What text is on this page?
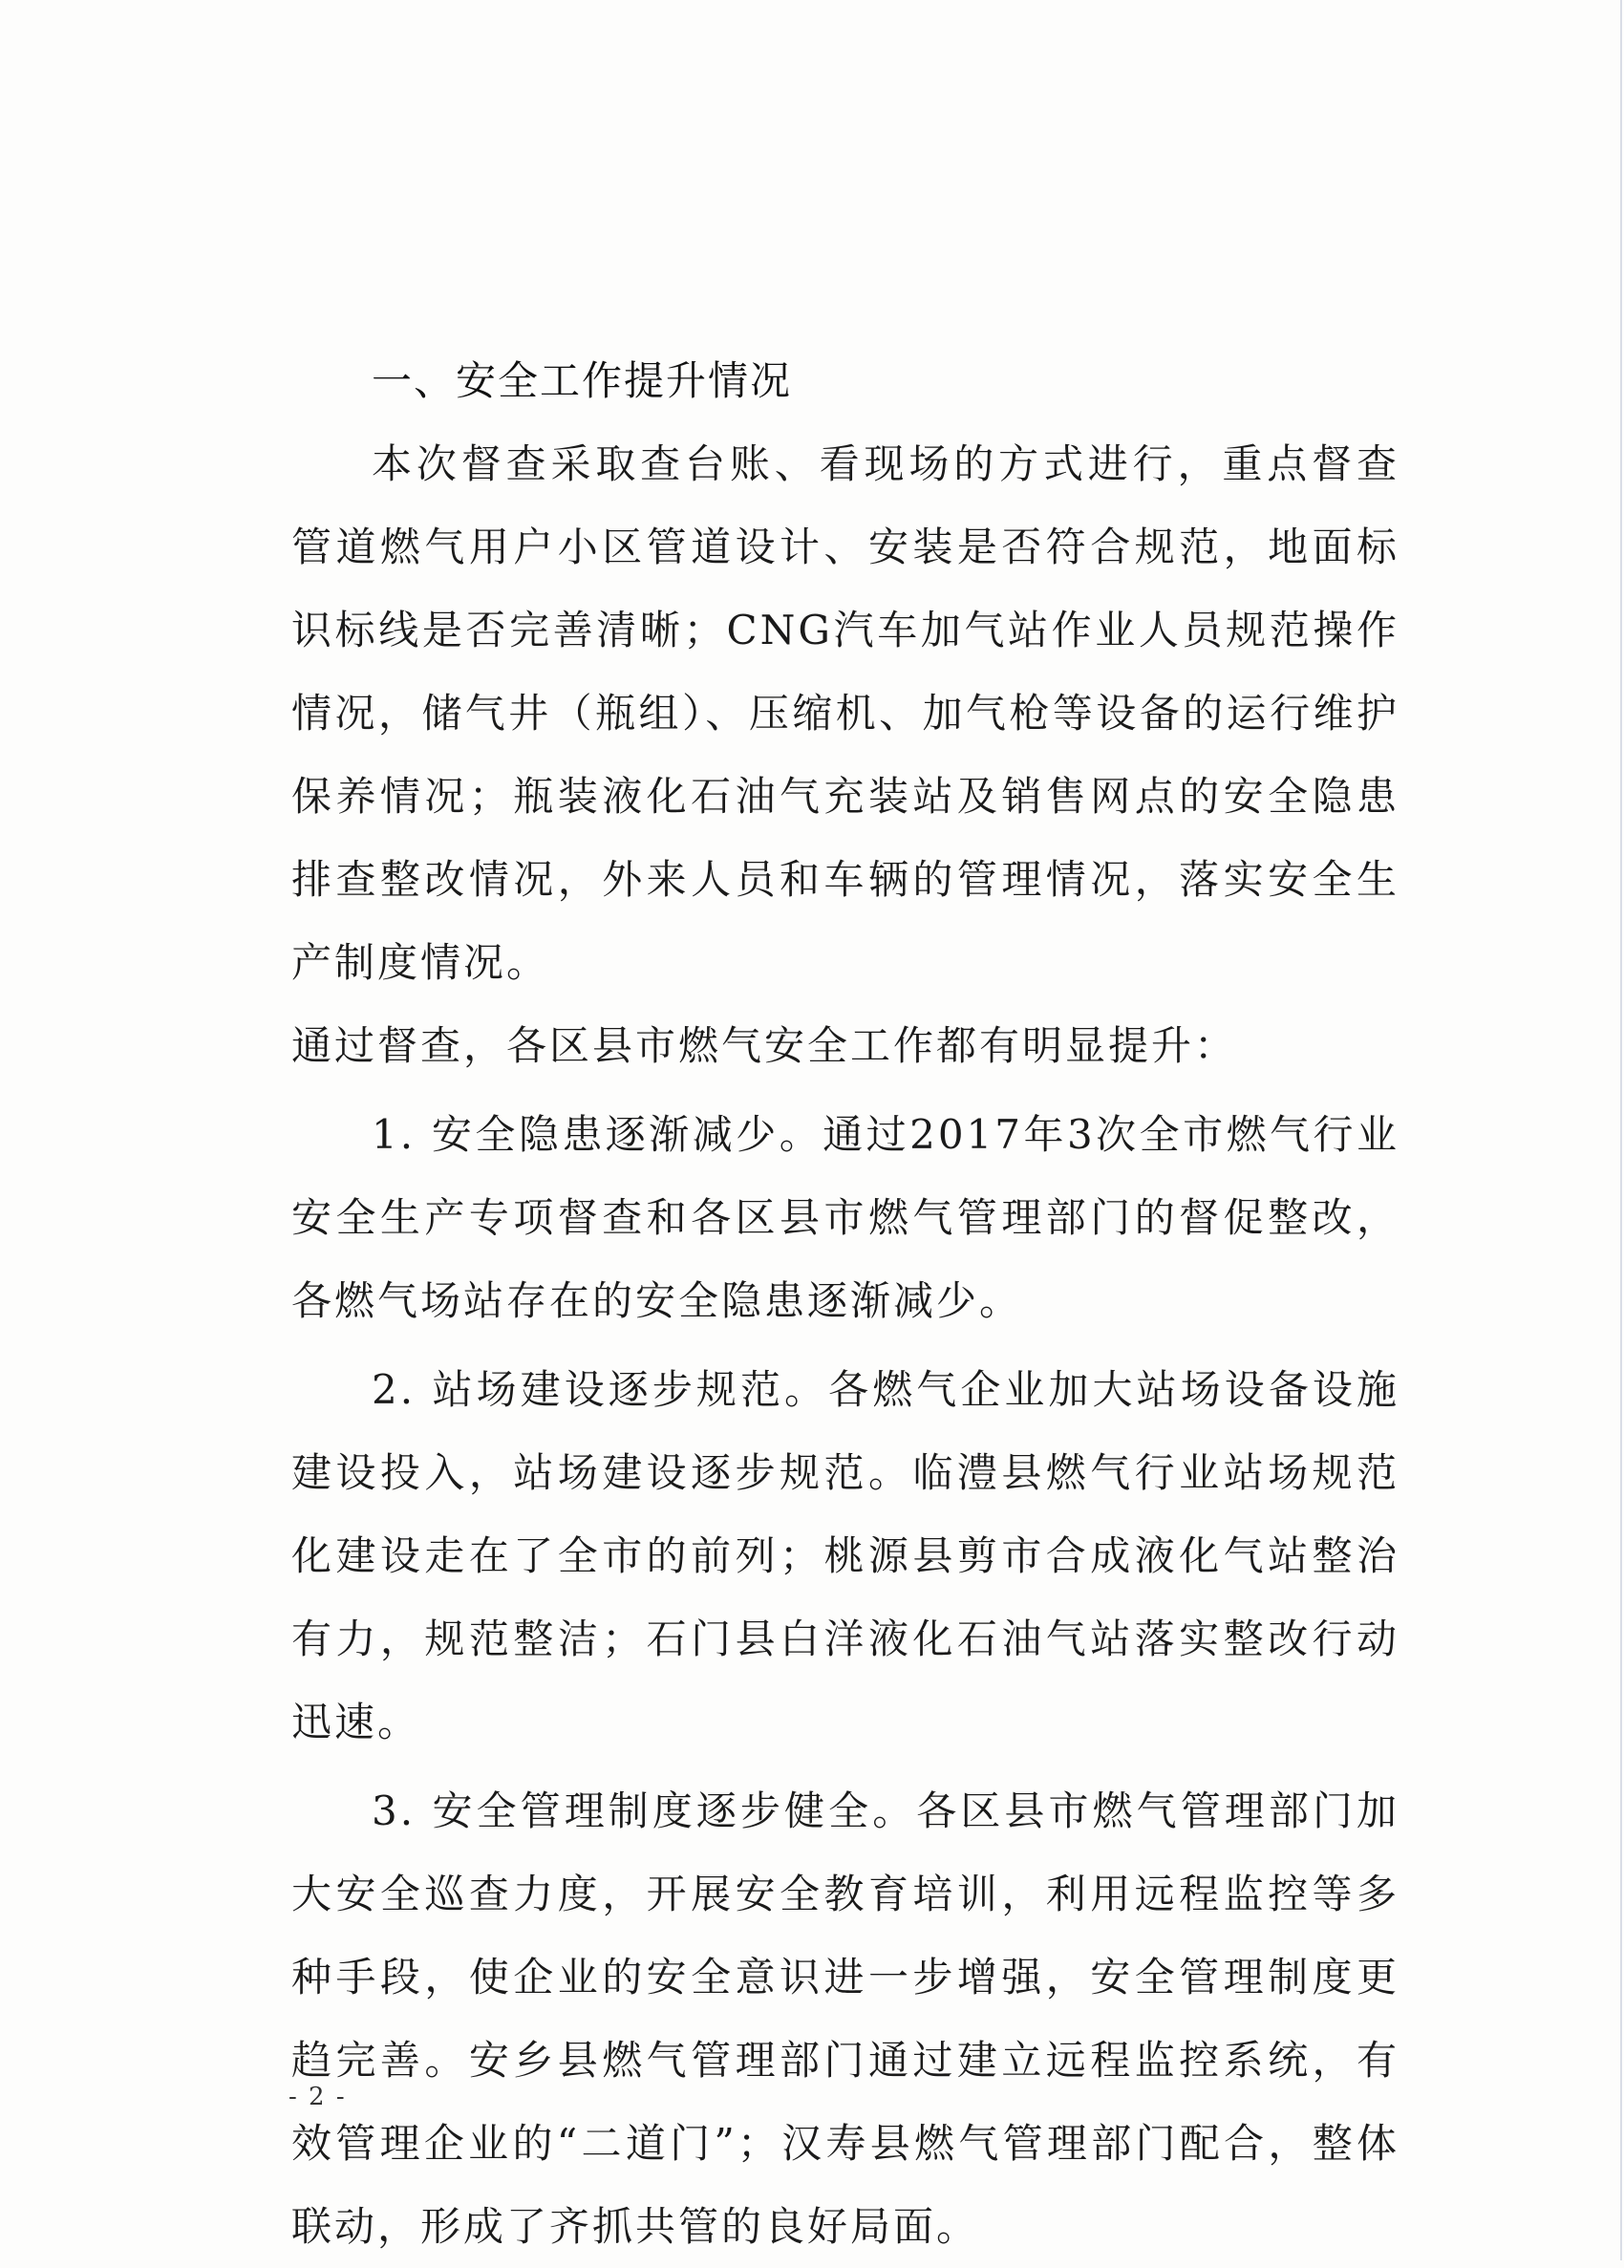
一、安全工作提升情况

本次督查采取查台账、看现场的方式进行，重点督查管道燃气用户小区管道设计、安装是否符合规范，地面标识标线是否完善清晰；CNG汽车加气站作业人员规范操作情况，储气井（瓶组）、压缩机、加气枪等设备的运行维护保养情况；瓶装液化石油气充装站及销售网点的安全隐患排查整改情况，外来人员和车辆的管理情况，落实安全生产制度情况。

通过督查，各区县市燃气安全工作都有明显提升：

1. 安全隐患逐渐减少。通过2017年3次全市燃气行业安全生产专项督查和各区县市燃气管理部门的督促整改，各燃气场站存在的安全隐患逐渐减少。

2. 站场建设逐步规范。各燃气企业加大站场设备设施建设投入，站场建设逐步规范。临澧县燃气行业站场规范化建设走在了全市的前列；桃源县剪市合成液化气站整治有力，规范整洁；石门县白洋液化石油气站落实整改行动迅速。

3. 安全管理制度逐步健全。各区县市燃气管理部门加大安全巡查力度，开展安全教育培训，利用远程监控等多种手段，使企业的安全意识进一步增强，安全管理制度更趋完善。安乡县燃气管理部门通过建立远程监控系统，有效管理企业的“二道门”；汉寿县燃气管理部门配合，整体联动，形成了齐抓共管的良好局面。

- 2 -
